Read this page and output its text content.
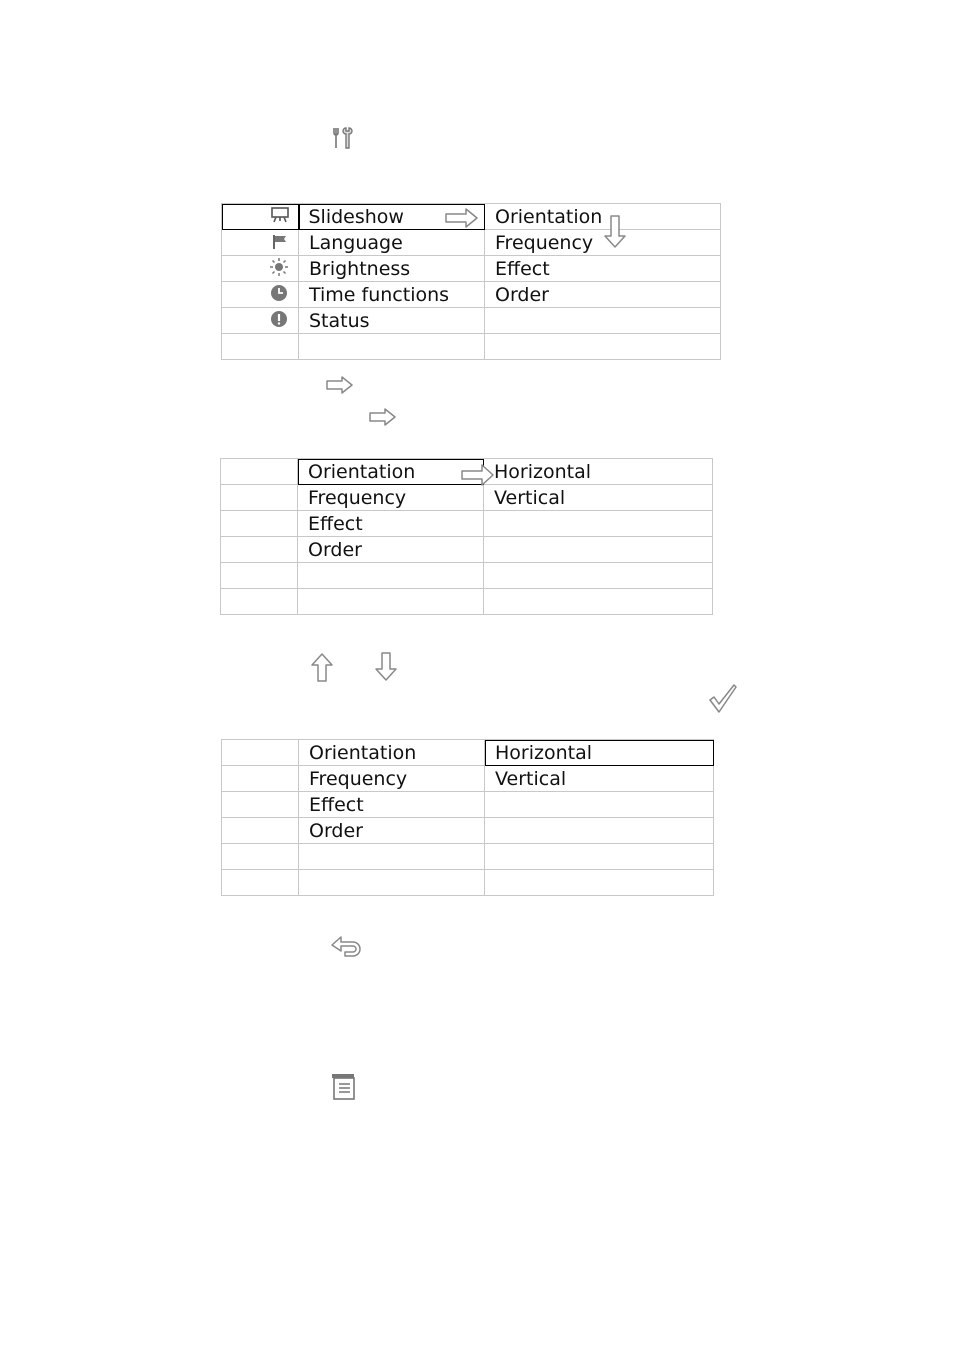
	Slideshow	Orientation
	Language	Frequency
	Brightness	Effect
	Time functions	Order
	Status	

	Orientation	Horizontal
	Frequency	Vertical
	Effect	
	Order	

	Orientation	Horizontal
	Frequency	Vertical
	Effect	
	Order	
